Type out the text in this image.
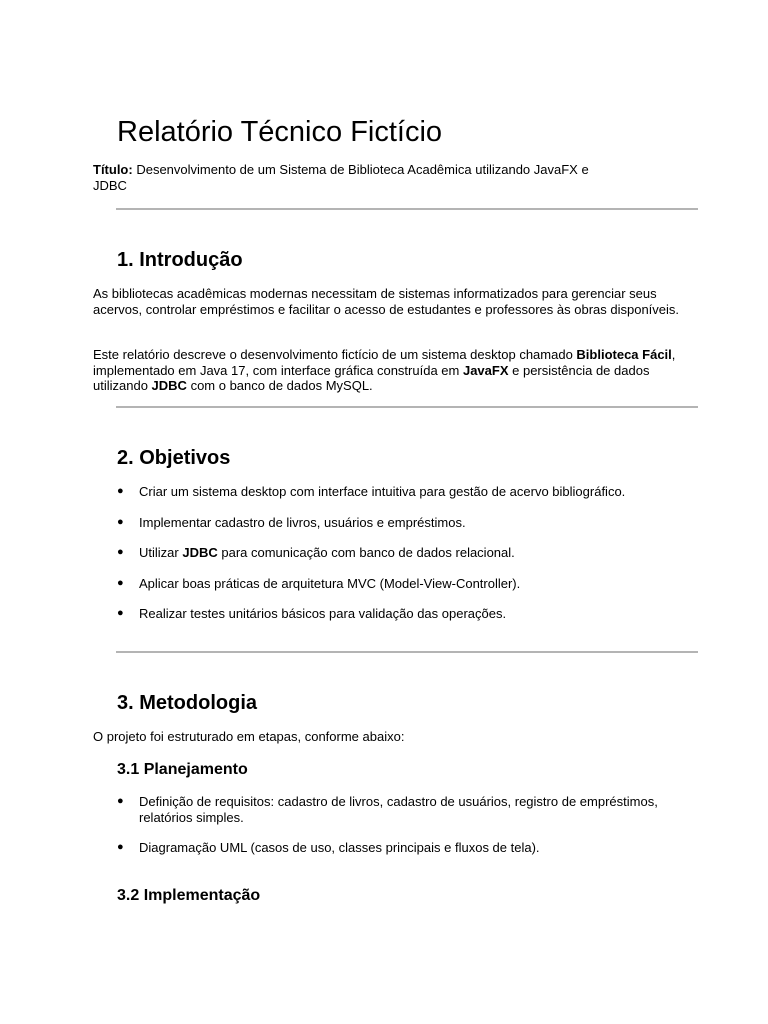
Relatório Técnico Fictício

Título: Desenvolvimento de um Sistema de Biblioteca Acadêmica utilizando JavaFX e
JDBC

1. Introdução

As bibliotecas acadêmicas modernas necessitam de sistemas informatizados para gerenciar seus acervos, controlar empréstimos e facilitar o acesso de estudantes e professores às obras disponíveis.

Este relatório descreve o desenvolvimento fictício de um sistema desktop chamado Biblioteca Fácil, implementado em Java 17, com interface gráfica construída em JavaFX e persistência de dados utilizando JDBC com o banco de dados MySQL.

2. Objetivos
● Criar um sistema desktop com interface intuitiva para gestão de acervo bibliográfico.
● Implementar cadastro de livros, usuários e empréstimos.
● Utilizar JDBC para comunicação com banco de dados relacional.
● Aplicar boas práticas de arquitetura MVC (Model-View-Controller).
● Realizar testes unitários básicos para validação das operações.
3. Metodologia

O projeto foi estruturado em etapas, conforme abaixo:

3.1 Planejamento
● Definição de requisitos: cadastro de livros, cadastro de usuários, registro de empréstimos, relatórios simples.
● Diagramação UML (casos de uso, classes principais e fluxos de tela).
3.2 Implementação
